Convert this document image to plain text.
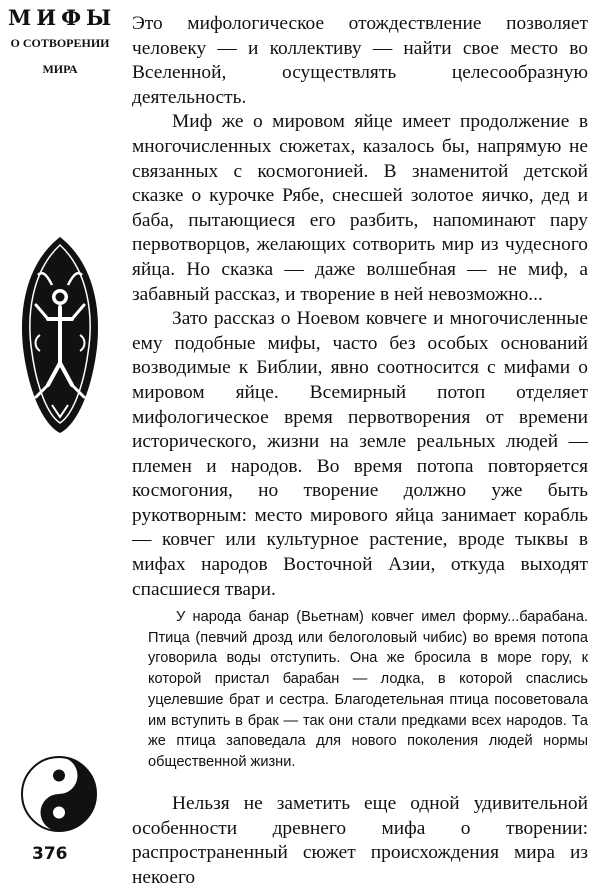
МИФЫ
О СОТВОРЕНИИ
МИРА
376

Это мифологическое отождествление позволяет человеку — и коллективу — найти свое место во Вселенной, осуществлять целесообразную деятельность.

Миф же о мировом яйце имеет продолжение в многочисленных сюжетах, казалось бы, напрямую не связанных с космогонией. В знаменитой детской сказке о курочке Рябе, снесшей золотое яичко, дед и баба, пытающиеся его разбить, напоминают пару первотворцов, желающих сотворить мир из чудесного яйца. Но сказка — даже волшебная — не миф, а забавный рассказ, и творение в ней невозможно...

Зато рассказ о Ноевом ковчеге и многочисленные ему подобные мифы, часто без особых оснований возводимые к Библии, явно соотносится с мифами о мировом яйце. Всемирный потоп отделяет мифологическое время первотворения от времени исторического, жизни на земле реальных людей — племен и народов. Во время потопа повторяется космогония, но творение должно уже быть рукотворным: место мирового яйца занимает корабль — ковчег или культурное растение, вроде тыквы в мифах народов Восточной Азии, откуда выходят спасшиеся твари.

У народа банар (Вьетнам) ковчег имел форму...барабана. Птица (певчий дрозд или белоголовый чибис) во время потопа уговорила воды отступить. Она же бросила в море гору, к которой пристал барабан — лодка, в которой спаслись уцелевшие брат и сестра. Благодетельная птица посоветовала им вступить в брак — так они стали предками всех народов. Та же птица заповедала для нового поколения людей нормы общественной жизни.

Нельзя не заметить еще одной удивительной особенности древнего мифа о творении: распространенный сюжет происхождения мира из некоего
